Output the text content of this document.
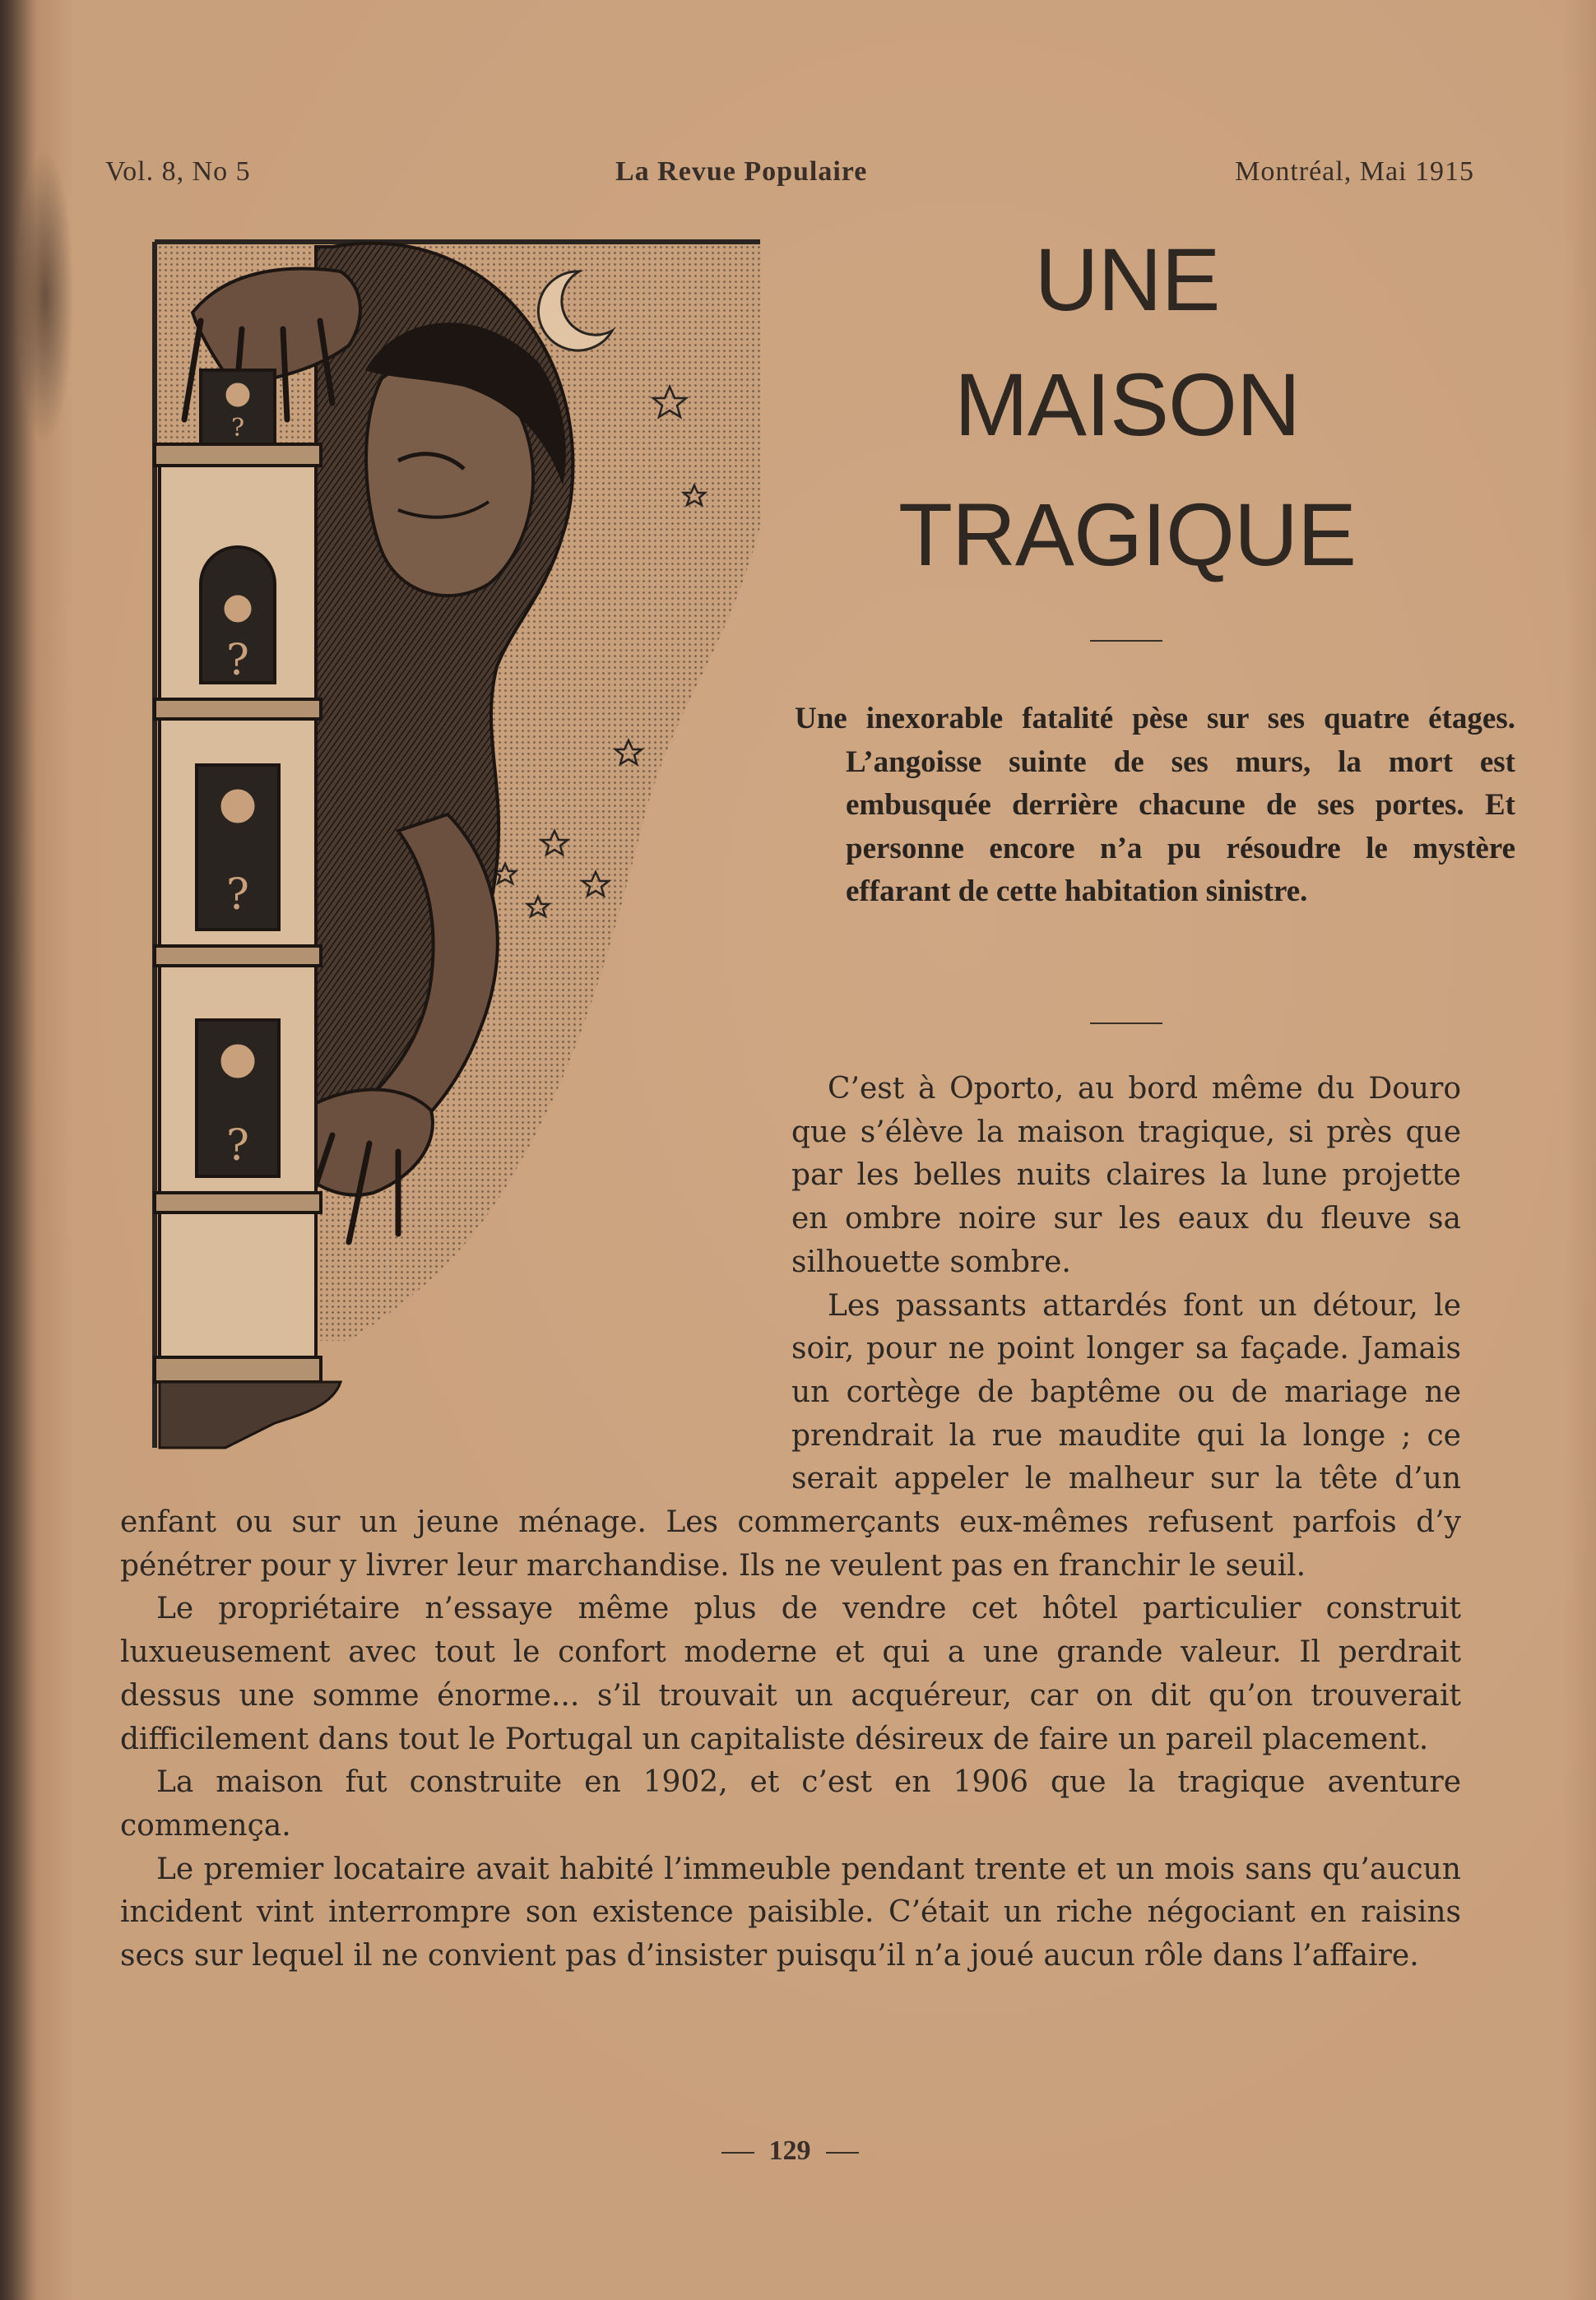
Vol. 8, No 5	La Revue Populaire	Montréal, Mai 1915
?
?
?
?
UNE
MAISON
TRAGIQUE
Une inexorable fatalité pèse sur ses quatre étages. L’angoisse suinte de ses murs, la mort est embusquée derrière chacune de ses portes. Et personne encore n’a pu résoudre le mystère effarant de cette habitation sinistre.

C’est à Oporto, au bord même du Douro que s’élève la maison tragique, si près que par les belles nuits claires la lune projette en ombre noire sur les eaux du fleuve sa silhouette sombre.

Les passants attardés font un détour, le soir, pour ne point longer sa façade. Jamais un cortège de baptême ou de mariage ne prendrait la rue maudite qui la longe ; ce serait appeler le malheur sur la tête d’un enfant ou sur un jeune ménage. Les commerçants eux-mêmes refusent parfois d’y pénétrer pour y livrer leur marchandise. Ils ne veulent pas en franchir le seuil.

Le propriétaire n’essaye même plus de vendre cet hôtel particulier construit luxueusement avec tout le confort moderne et qui a une grande valeur. Il perdrait dessus une somme énorme... s’il trouvait un acquéreur, car on dit qu’on trouverait difficilement dans tout le Portugal un capitaliste désireux de faire un pareil placement.

La maison fut construite en 1902, et c’est en 1906 que la tragique aventure commença.

Le premier locataire avait habité l’immeuble pendant trente et un mois sans qu’aucun incident vint interrompre son existence paisible. C’était un riche négociant en raisins secs sur lequel il ne convient pas d’insister puisqu’il n’a joué aucun rôle dans l’affaire.

129
